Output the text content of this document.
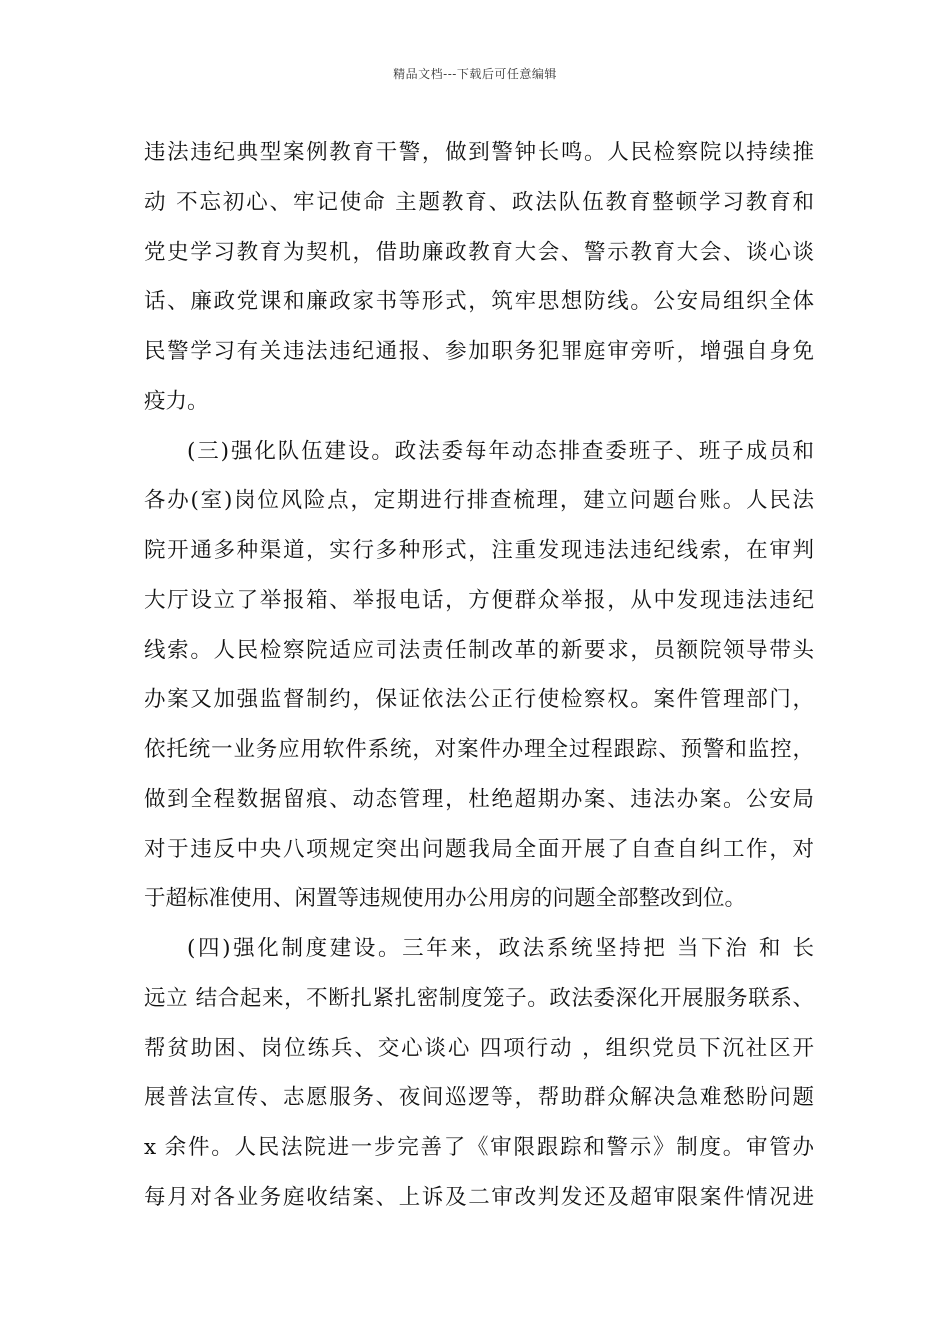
精品文档---下载后可任意编辑
违法违纪典型案例教育干警，做到警钟长鸣。人民检察院以持续推
动 不忘初心、牢记使命 主题教育、政法队伍教育整顿学习教育和
党史学习教育为契机，借助廉政教育大会、警示教育大会、谈心谈
话、廉政党课和廉政家书等形式，筑牢思想防线。公安局组织全体
民警学习有关违法违纪通报、参加职务犯罪庭审旁听，增强自身免
疫力。
(三)强化队伍建设。政法委每年动态排查委班子、班子成员和
各办(室)岗位风险点，定期进行排查梳理，建立问题台账。人民法
院开通多种渠道，实行多种形式，注重发现违法违纪线索，在审判
大厅设立了举报箱、举报电话，方便群众举报，从中发现违法违纪
线索。人民检察院适应司法责任制改革的新要求，员额院领导带头
办案又加强监督制约，保证依法公正行使检察权。案件管理部门，
依托统一业务应用软件系统，对案件办理全过程跟踪、预警和监控，
做到全程数据留痕、动态管理，杜绝超期办案、违法办案。公安局
对于违反中央八项规定突出问题我局全面开展了自查自纠工作，对
于超标准使用、闲置等违规使用办公用房的问题全部整改到位。
(四)强化制度建设。三年来，政法系统坚持把 当下治 和 长
远立 结合起来，不断扎紧扎密制度笼子。政法委深化开展服务联系、
帮贫助困、岗位练兵、交心谈心 四项行动 ，组织党员下沉社区开
展普法宣传、志愿服务、夜间巡逻等，帮助群众解决急难愁盼问题
x 余件。人民法院进一步完善了《审限跟踪和警示》制度。审管办
每月对各业务庭收结案、上诉及二审改判发还及超审限案件情况进
